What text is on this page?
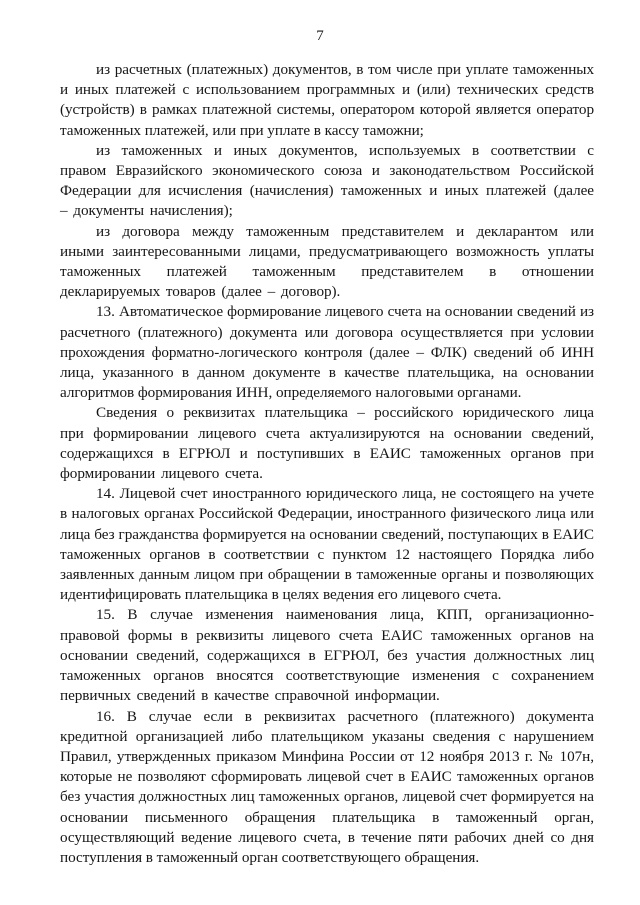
7

из расчетных (платежных) документов, в том числе при уплате таможенных и иных платежей с использованием программных и (или) технических средств (устройств) в рамках платежной системы, оператором которой является оператор таможенных платежей, или при уплате в кассу таможни;

из таможенных и иных документов, используемых в соответствии с правом Евразийского экономического союза и законодательством Российской Федерации для исчисления (начисления) таможенных и иных платежей (далее – документы начисления);

из договора между таможенным представителем и декларантом или иными заинтересованными лицами, предусматривающего возможность уплаты таможенных платежей таможенным представителем в отношении декларируемых товаров (далее – договор).

13. Автоматическое формирование лицевого счета на основании сведений из расчетного (платежного) документа или договора осуществляется при условии прохождения форматно-логического контроля (далее – ФЛК) сведений об ИНН лица, указанного в данном документе в качестве плательщика, на основании алгоритмов формирования ИНН, определяемого налоговыми органами.

Сведения о реквизитах плательщика – российского юридического лица при формировании лицевого счета актуализируются на основании сведений, содержащихся в ЕГРЮЛ и поступивших в ЕАИС таможенных органов при формировании лицевого счета.

14. Лицевой счет иностранного юридического лица, не состоящего на учете в налоговых органах Российской Федерации, иностранного физического лица или лица без гражданства формируется на основании сведений, поступающих в ЕАИС таможенных органов в соответствии с пунктом 12 настоящего Порядка либо заявленных данным лицом при обращении в таможенные органы и позволяющих идентифицировать плательщика в целях ведения его лицевого счета.

15. В случае изменения наименования лица, КПП, организационно-правовой формы в реквизиты лицевого счета ЕАИС таможенных органов на основании сведений, содержащихся в ЕГРЮЛ, без участия должностных лиц таможенных органов вносятся соответствующие изменения с сохранением первичных сведений в качестве справочной информации.

16. В случае если в реквизитах расчетного (платежного) документа кредитной организацией либо плательщиком указаны сведения с нарушением Правил, утвержденных приказом Минфина России от 12 ноября 2013 г. № 107н, которые не позволяют сформировать лицевой счет в ЕАИС таможенных органов без участия должностных лиц таможенных органов, лицевой счет формируется на основании письменного обращения плательщика в таможенный орган, осуществляющий ведение лицевого счета, в течение пяти рабочих дней со дня поступления в таможенный орган соответствующего обращения.
